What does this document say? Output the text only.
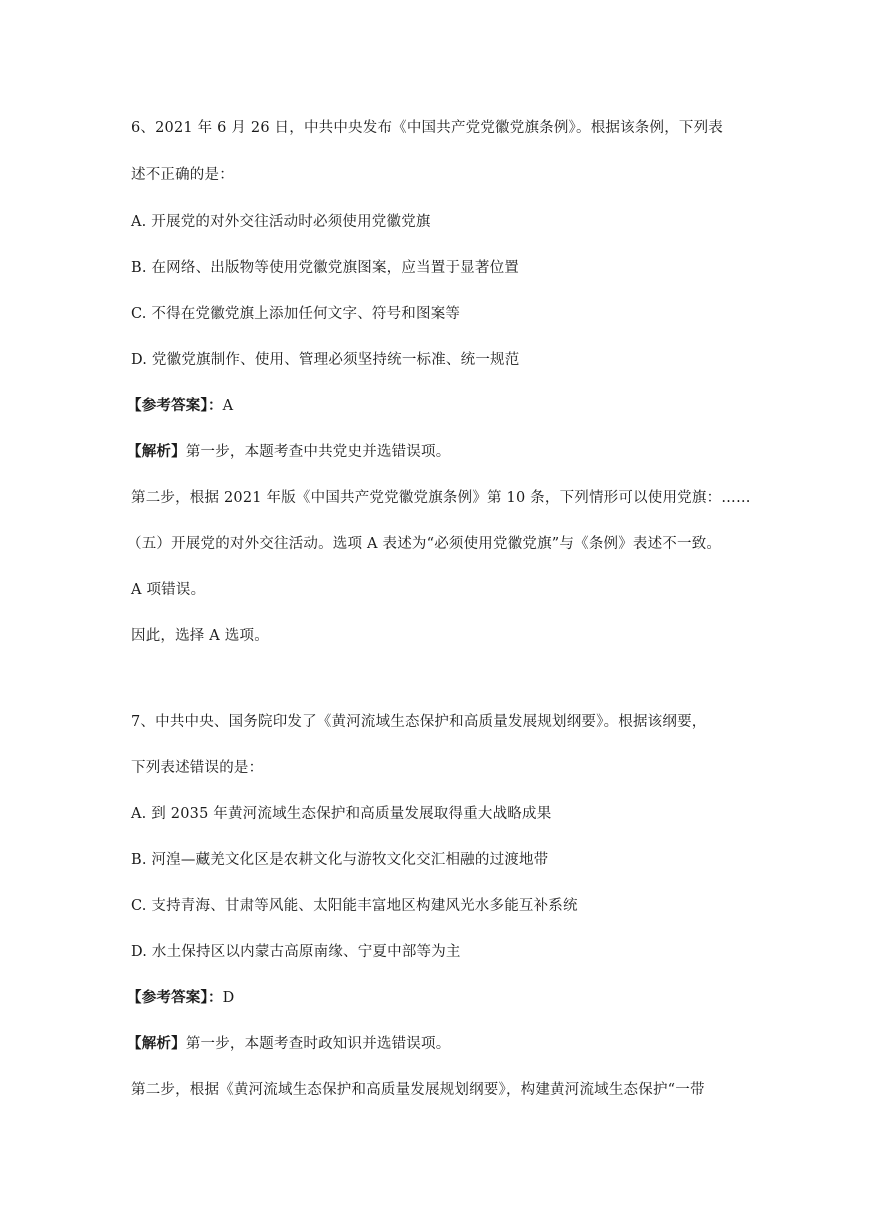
6、2021 年 6 月 26 日，中共中央发布《中国共产党党徽党旗条例》。根据该条例，下列表
述不正确的是：
A. 开展党的对外交往活动时必须使用党徽党旗
B. 在网络、出版物等使用党徽党旗图案，应当置于显著位置
C. 不得在党徽党旗上添加任何文字、符号和图案等
D. 党徽党旗制作、使用、管理必须坚持统一标准、统一规范
【参考答案】：A
【解析】第一步，本题考查中共党史并选错误项。
第二步，根据 2021 年版《中国共产党党徽党旗条例》第 10 条，下列情形可以使用党旗：……
（五）开展党的对外交往活动。选项 A 表述为“必须使用党徽党旗”与《条例》表述不一致。
A 项错误。
因此，选择 A 选项。
7、中共中央、国务院印发了《黄河流域生态保护和高质量发展规划纲要》。根据该纲要，
下列表述错误的是：
A. 到 2035 年黄河流域生态保护和高质量发展取得重大战略成果
B. 河湟—藏羌文化区是农耕文化与游牧文化交汇相融的过渡地带
C. 支持青海、甘肃等风能、太阳能丰富地区构建风光水多能互补系统
D. 水土保持区以内蒙古高原南缘、宁夏中部等为主
【参考答案】：D
【解析】第一步，本题考查时政知识并选错误项。
第二步，根据《黄河流域生态保护和高质量发展规划纲要》，构建黄河流域生态保护“一带
